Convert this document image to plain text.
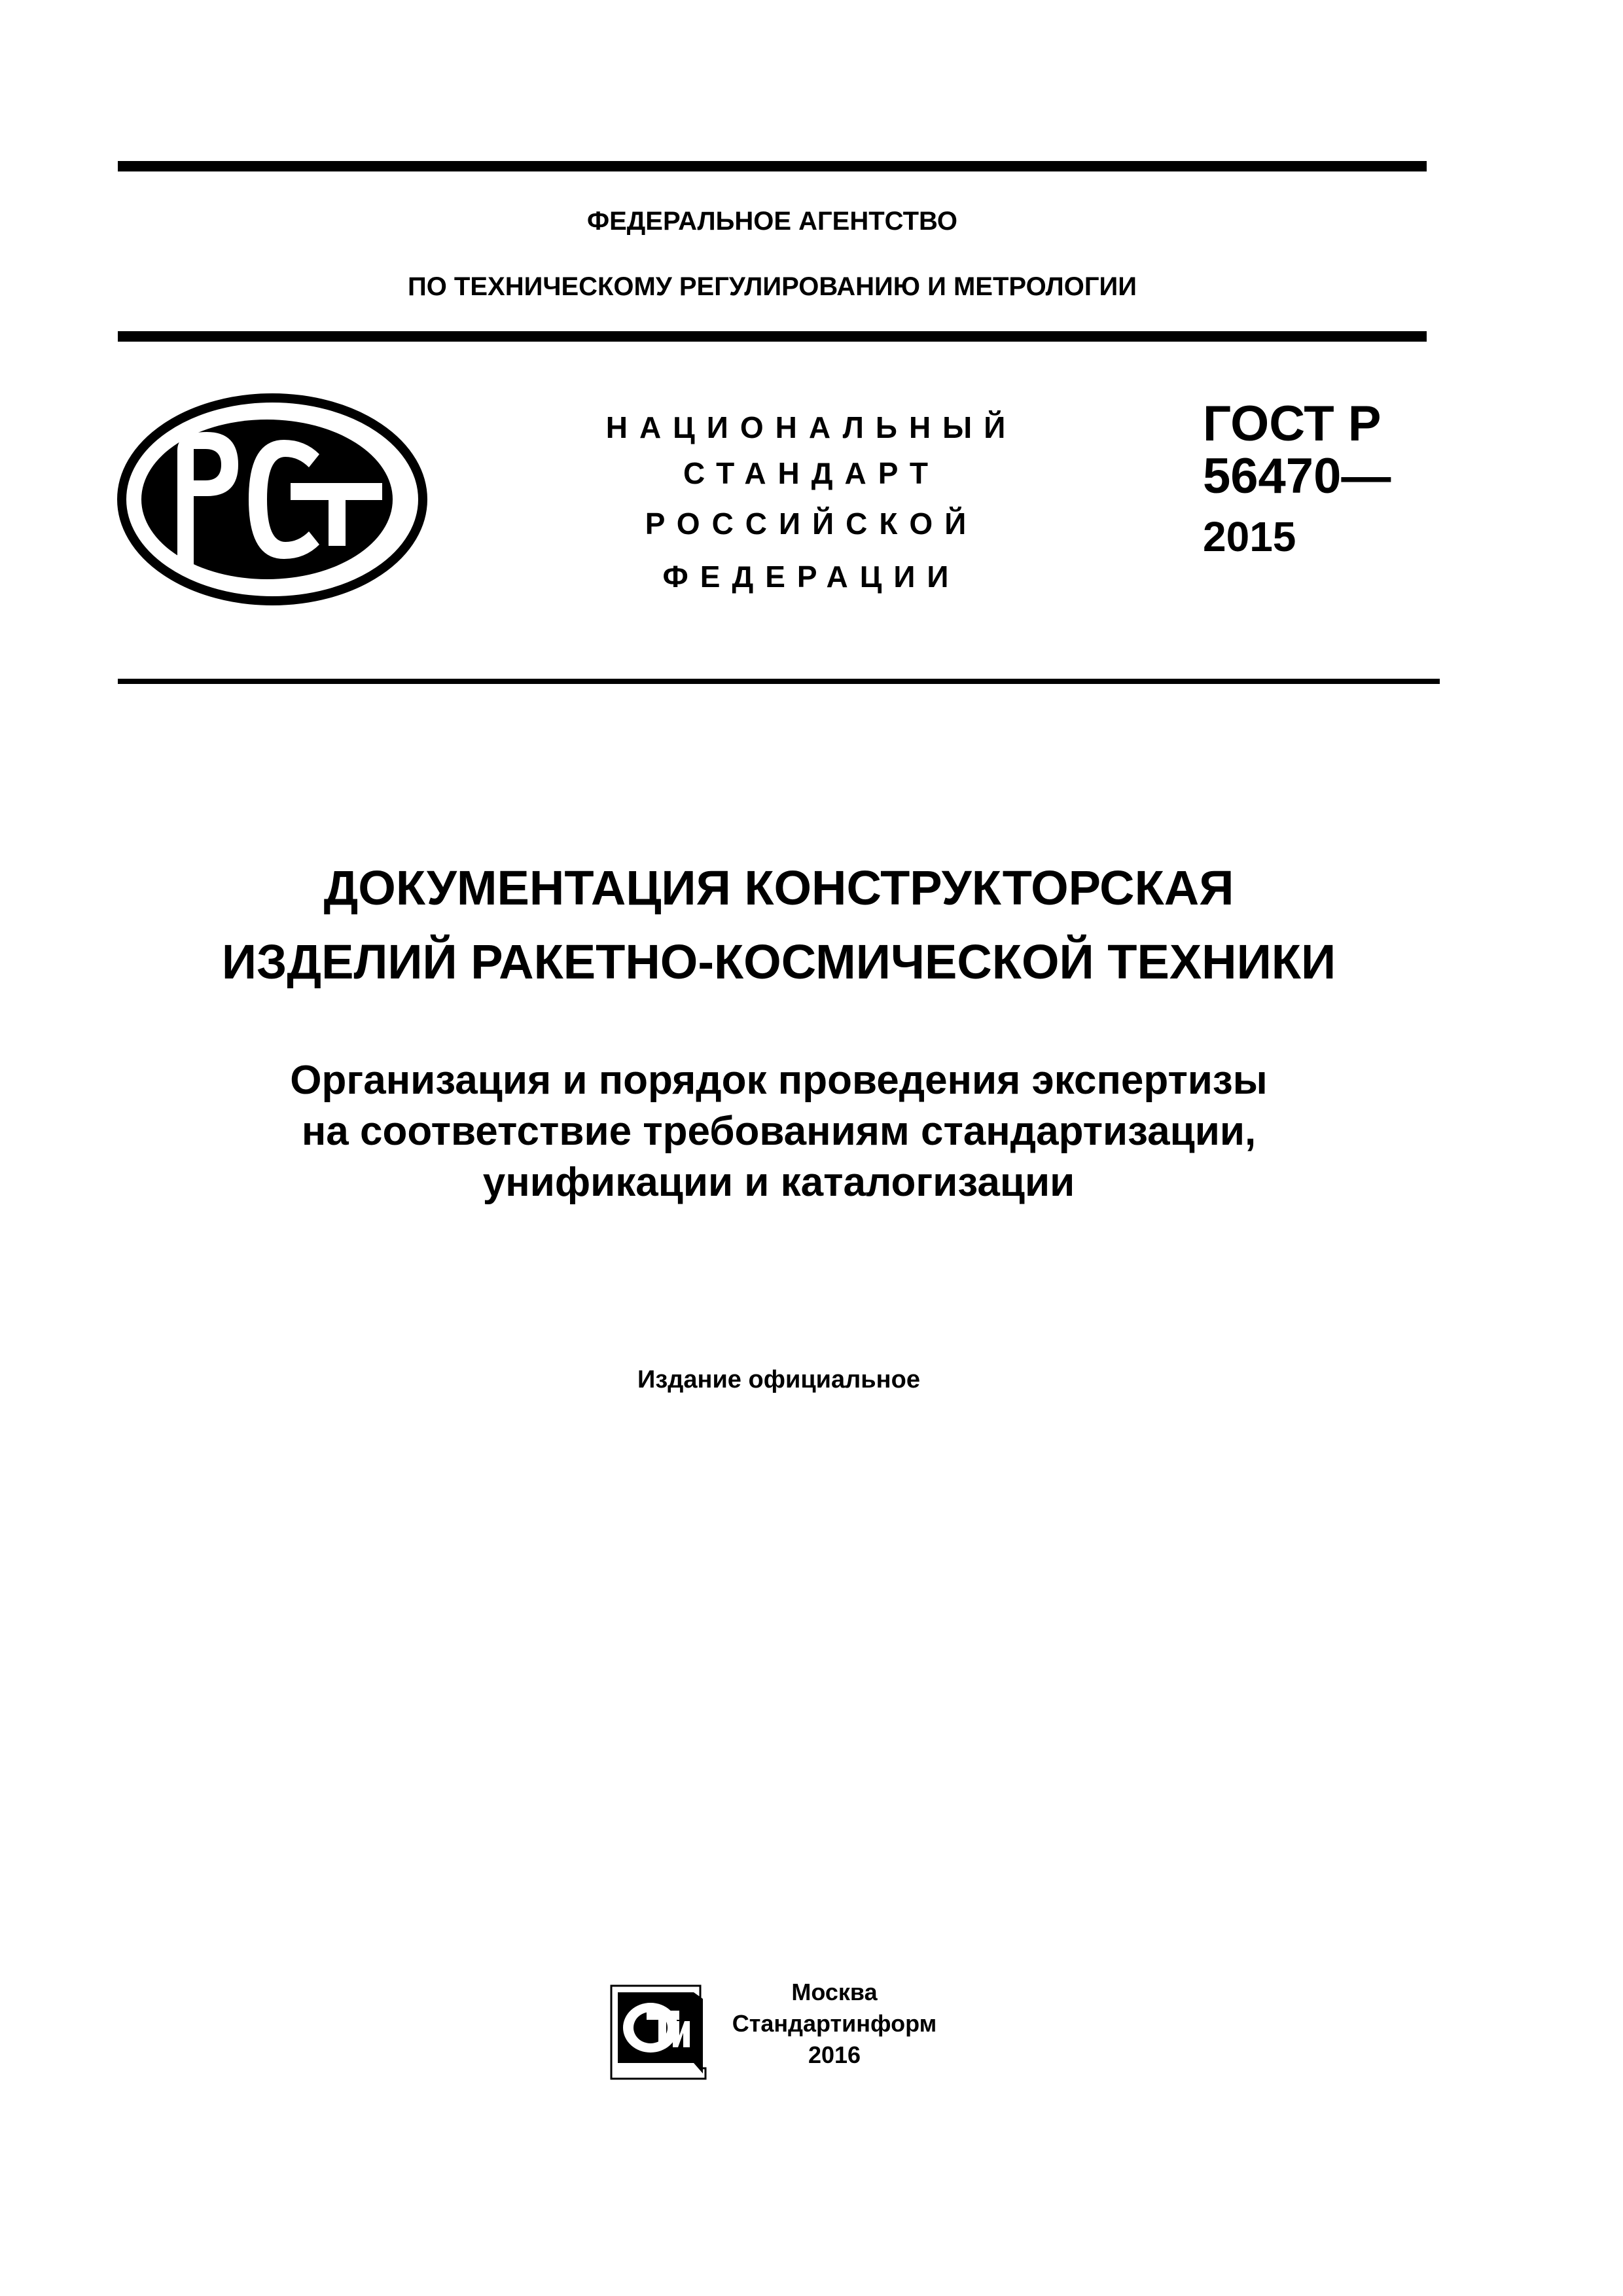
ФЕДЕРАЛЬНОЕ АГЕНТСТВО
ПО ТЕХНИЧЕСКОМУ РЕГУЛИРОВАНИЮ И МЕТРОЛОГИИ
НАЦИОНАЛЬНЫЙ
СТАНДАРТ
РОССИЙСКОЙ
ФЕДЕРАЦИИ
ГОСТ Р
56470—
2015
ДОКУМЕНТАЦИЯ КОНСТРУКТОРСКАЯ
ИЗДЕЛИЙ РАКЕТНО-КОСМИЧЕСКОЙ ТЕХНИКИ
Организация и порядок проведения экспертизы
на соответствие требованиям стандартизации,
унификации и каталогизации
Издание официальное
Москва
Стандартинформ
2016
